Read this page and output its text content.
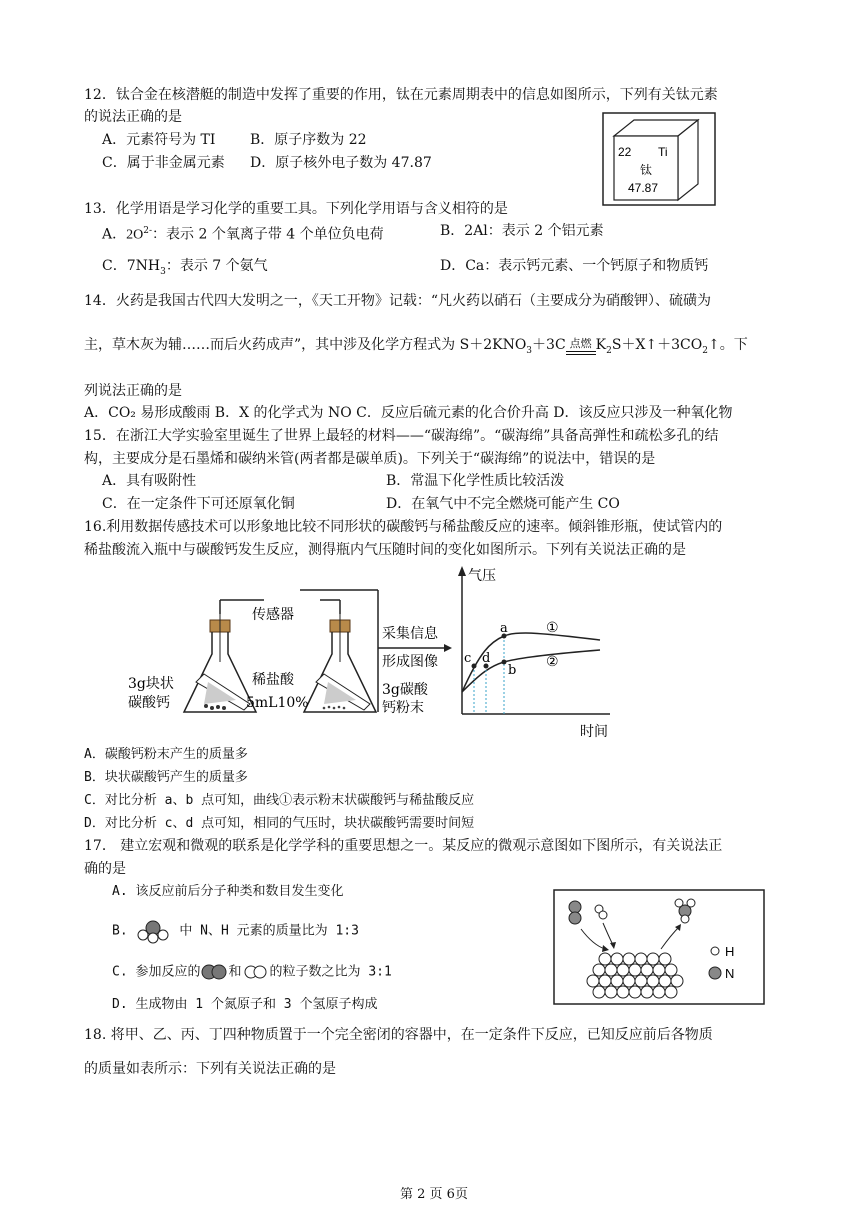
12．钛合金在核潜艇的制造中发挥了重要的作用，钛在元素周期表中的信息如图所示，下列有关钛元素
的说法正确的是
A．元素符号为 TI B．原子序数为 22
C．属于非金属元素 D．原子核外电子数为 47.87
22 Ti
钛
47.87
13．化学用语是学习化学的重要工具。下列化学用语与含义相符的是
A．$2O^{2-}$：表示 2 个氧离子带 4 个单位负电荷	B．2Al：表示 2 个铝元素
C．$7NH_3$：表示 7 个氨气	D．Ca：表示钙元素、一个钙原子和物质钙
14．火药是我国古代四大发明之一，《天工开物》记载：“凡火药以硝石（主要成分为硝酸钾）、硫磺为
主，草木灰为辅……而后火药成声”，其中涉及化学方程式为 $S+2KNO_3+3C$ 点燃 $K_2S+X↑+3CO_2↑$。下
列说法正确的是
A．CO₂ 易形成酸雨 B．X 的化学式为 NO C．反应后硫元素的化合价升高 D．该反应只涉及一种氧化物
15．在浙江大学实验室里诞生了世界上最轻的材料——“碳海绵”。“碳海绵”具备高弹性和疏松多孔的结
构，主要成分是石墨烯和碳纳米管(两者都是碳单质)。下列关于“碳海绵”的说法中，错误的是
A．具有吸附性	B．常温下化学性质比较活泼
C．在一定条件下可还原氧化铜	D．在氧气中不完全燃烧可能产生 CO
16.利用数据传感技术可以形象地比较不同形状的碳酸钙与稀盐酸反应的速率。倾斜锥形瓶，使试管内的
稀盐酸流入瓶中与碳酸钙发生反应，测得瓶内气压随时间的变化如图所示。下列有关说法正确的是
传感器
采集信息
形成图像
3g块状
碳酸钙
稀盐酸
5mL10%
3g碳酸
钙粉末
气压
时间
a
b
c d
①
②
A．碳酸钙粉末产生的质量多
B．块状碳酸钙产生的质量多
C．对比分析 a、b 点可知，曲线①表示粉末状碳酸钙与稀盐酸反应
D．对比分析 c、d 点可知，相同的气压时，块状碳酸钙需要时间短
17． 建立宏观和微观的联系是化学学科的重要思想之一。某反应的微观示意图如下图所示，有关说法正
确的是
A. 该反应前后分子种类和数目发生变化
B.	中 N、H 元素的质量比为 1:3
C. 参加反应的 和 的粒子数之比为 3:1
D. 生成物由 1 个氮原子和 3 个氢原子构成
H
N
18. 将甲、乙、丙、丁四种物质置于一个完全密闭的容器中，在一定条件下反应，已知反应前后各物质
的质量如表所示：下列有关说法正确的是
第 2 页 6页
